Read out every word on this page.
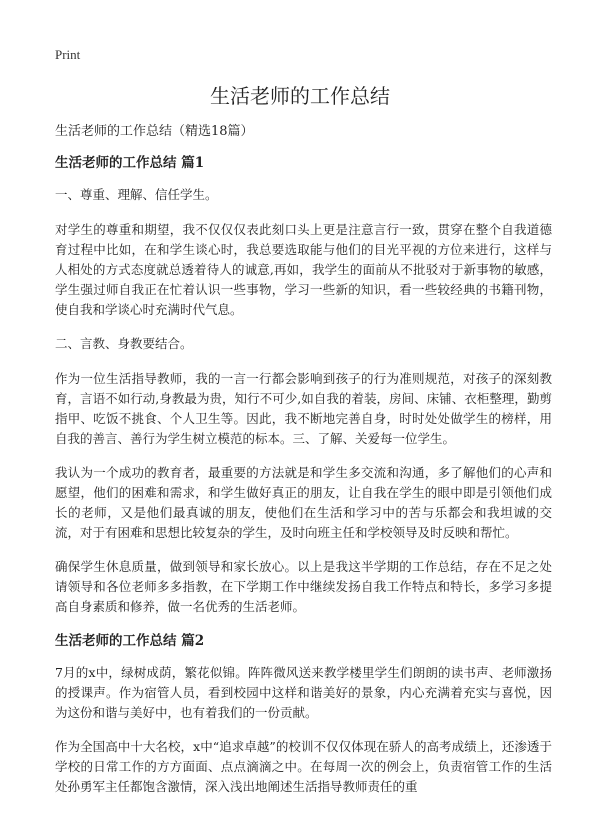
Print
生活老师的工作总结
生活老师的工作总结（精选18篇）
生活老师的工作总结 篇1

一、尊重、理解、信任学生。

对学生的尊重和期望，我不仅仅仅表此刻口头上更是注意言行一致，贯穿在整个自我道德育过程中比如，在和学生谈心时，我总要选取能与他们的目光平视的方位来进行，这样与人相处的方式态度就总透着待人的诚意,再如，我学生的面前从不批驳对于新事物的敏感，学生强过师自我正在忙着认识一些事物，学习一些新的知识，看一些较经典的书籍刊物，使自我和学谈心时充满时代气息。

二、言教、身教要结合。

作为一位生活指导教师，我的一言一行都会影响到孩子的行为准则规范，对孩子的深刻教育，言语不如行动,身教最为贵，知行不可少,如自我的着装，房间、床铺、衣柜整理，勤剪指甲、吃饭不挑食、个人卫生等。因此，我不断地完善自身，时时处处做学生的榜样，用自我的善言、善行为学生树立模范的标本。三、了解、关爱每一位学生。

我认为一个成功的教育者，最重要的方法就是和学生多交流和沟通，多了解他们的心声和愿望，他们的困难和需求，和学生做好真正的朋友，让自我在学生的眼中即是引领他们成长的老师，又是他们最真诚的朋友，使他们在生活和学习中的苦与乐都会和我坦诚的交流，对于有困难和思想比较复杂的学生，及时向班主任和学校领导及时反映和帮忙。

确保学生休息质量，做到领导和家长放心。以上是我这半学期的工作总结，存在不足之处请领导和各位老师多多指教，在下学期工作中继续发扬自我工作特点和特长，多学习多提高自身素质和修养，做一名优秀的生活老师。

生活老师的工作总结 篇2

7月的x中，绿树成荫，繁花似锦。阵阵微风送来教学楼里学生们朗朗的读书声、老师激扬的授课声。作为宿管人员，看到校园中这样和谐美好的景象，内心充满着充实与喜悦，因为这份和谐与美好中，也有着我们的一份贡献。

作为全国高中十大名校，x中“追求卓越”的校训不仅仅体现在骄人的高考成绩上，还渗透于学校的日常工作的方方面面、点点滴滴之中。在每周一次的例会上，负责宿管工作的生活处孙勇军主任都饱含激情，深入浅出地阐述生活指导教师责任的重
